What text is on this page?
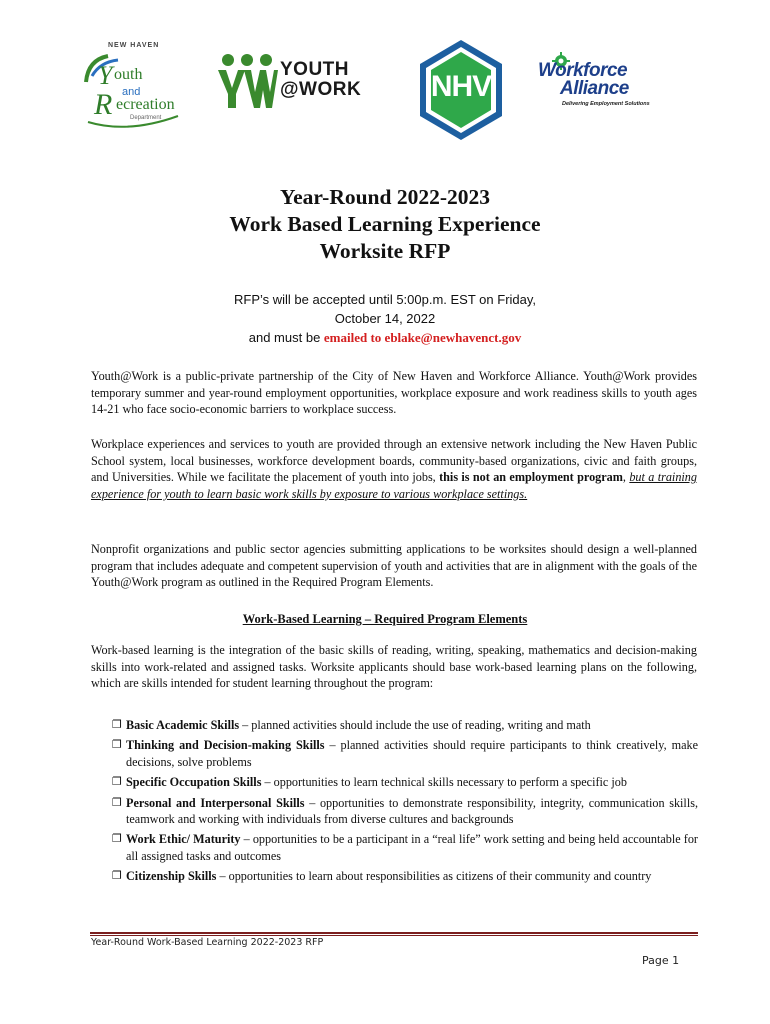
Y
R
NEW HAVEN
outh
and
ecreation
Department
YOUTH
@WORK	NHV	Workforce
Alliance
Delivering Employment Solutions
Year-Round 2022-2023
Work Based Learning Experience
Worksite RFP
RFP’s will be accepted until 5:00p.m. EST on Friday,
October 14, 2022
and must be emailed to eblake@newhavenct.gov
Youth@Work is a public-private partnership of the City of New Haven and Workforce Alliance. Youth@Work provides temporary summer and year-round employment opportunities, workplace exposure and work readiness skills to youth ages 14-21 who face socio-economic barriers to workplace success.
Workplace experiences and services to youth are provided through an extensive network including the New Haven Public School system, local businesses, workforce development boards, community-based organizations, civic and faith groups, and Universities. While we facilitate the placement of youth into jobs, this is not an employment program, but a training experience for youth to learn basic work skills by exposure to various workplace settings.
Nonprofit organizations and public sector agencies submitting applications to be worksites should design a well-planned program that includes adequate and competent supervision of youth and activities that are in alignment with the goals of the Youth@Work program as outlined in the Required Program Elements.
Work-Based Learning – Required Program Elements
Work-based learning is the integration of the basic skills of reading, writing, speaking, mathematics and decision-making skills into work-related and assigned tasks. Worksite applicants should base work-based learning plans on the following, which are skills intended for student learning throughout the program:
❐ Basic Academic Skills – planned activities should include the use of reading, writing and math
❐ Thinking and Decision-making Skills – planned activities should require participants to think creatively, make decisions, solve problems
❐ Specific Occupation Skills – opportunities to learn technical skills necessary to perform a specific job
❐ Personal and Interpersonal Skills – opportunities to demonstrate responsibility, integrity, communication skills, teamwork and working with individuals from diverse cultures and backgrounds
❐ Work Ethic/ Maturity – opportunities to be a participant in a “real life” work setting and being held accountable for all assigned tasks and outcomes
❐ Citizenship Skills – opportunities to learn about responsibilities as citizens of their community and country
Year-Round Work-Based Learning 2022-2023 RFP
Page 1
